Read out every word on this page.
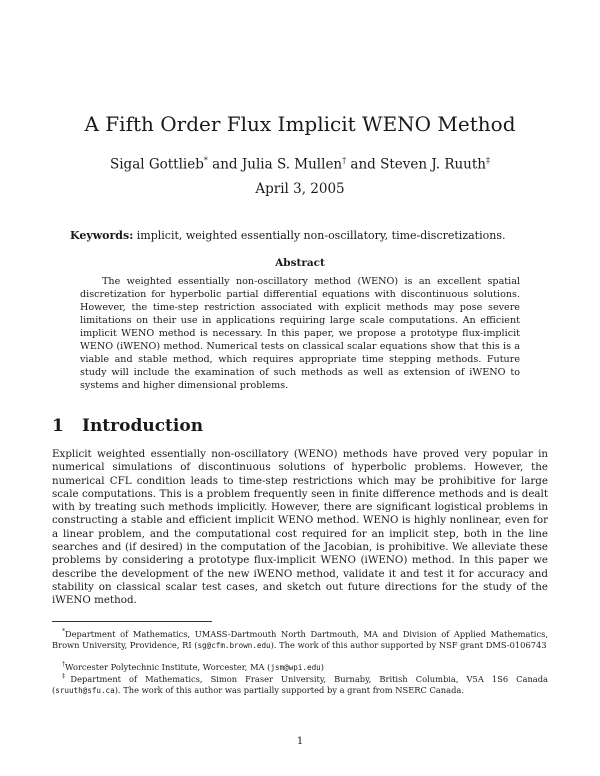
A Fifth Order Flux Implicit WENO Method
Sigal Gottlieb* and Julia S. Mullen† and Steven J. Ruuth‡
April 3, 2005
Keywords: implicit, weighted essentially non-oscillatory, time-discretizations.
Abstract

The weighted essentially non-oscillatory method (WENO) is an excellent spatial discretization for hyperbolic partial differential equations with discontinuous solutions. However, the time-step restriction associated with explicit methods may pose severe limitations on their use in applications requiring large scale computations. An efficient implicit WENO method is necessary. In this paper, we propose a prototype flux-implicit WENO (iWENO) method. Numerical tests on classical scalar equations show that this is a viable and stable method, which requires appropriate time stepping methods. Future study will include the examination of such methods as well as extension of iWENO to systems and higher dimensional problems.

1 Introduction

Explicit weighted essentially non-oscillatory (WENO) methods have proved very popular in numerical simulations of discontinuous solutions of hyperbolic problems. However, the numerical CFL condition leads to time-step restrictions which may be prohibitive for large scale computations. This is a problem frequently seen in finite difference methods and is dealt with by treating such methods implicitly. However, there are significant logistical problems in constructing a stable and efficient implicit WENO method. WENO is highly nonlinear, even for a linear problem, and the computational cost required for an implicit step, both in the line searches and (if desired) in the computation of the Jacobian, is prohibitive. We alleviate these problems by considering a prototype flux-implicit WENO (iWENO) method. In this paper we describe the development of the new iWENO method, validate it and test it for accuracy and stability on classical scalar test cases, and sketch out future directions for the study of the iWENO method.

*Department of Mathematics, UMASS-Dartmouth North Dartmouth, MA and Division of Applied Mathematics, Brown University, Providence, RI (sg@cfm.brown.edu). The work of this author supported by NSF grant DMS-0106743

†Worcester Polytechnic Institute, Worcester, MA (jsm@wpi.edu)

‡Department of Mathematics, Simon Fraser University, Burnaby, British Columbia, V5A 1S6 Canada (sruuth@sfu.ca). The work of this author was partially supported by a grant from NSERC Canada.

1
